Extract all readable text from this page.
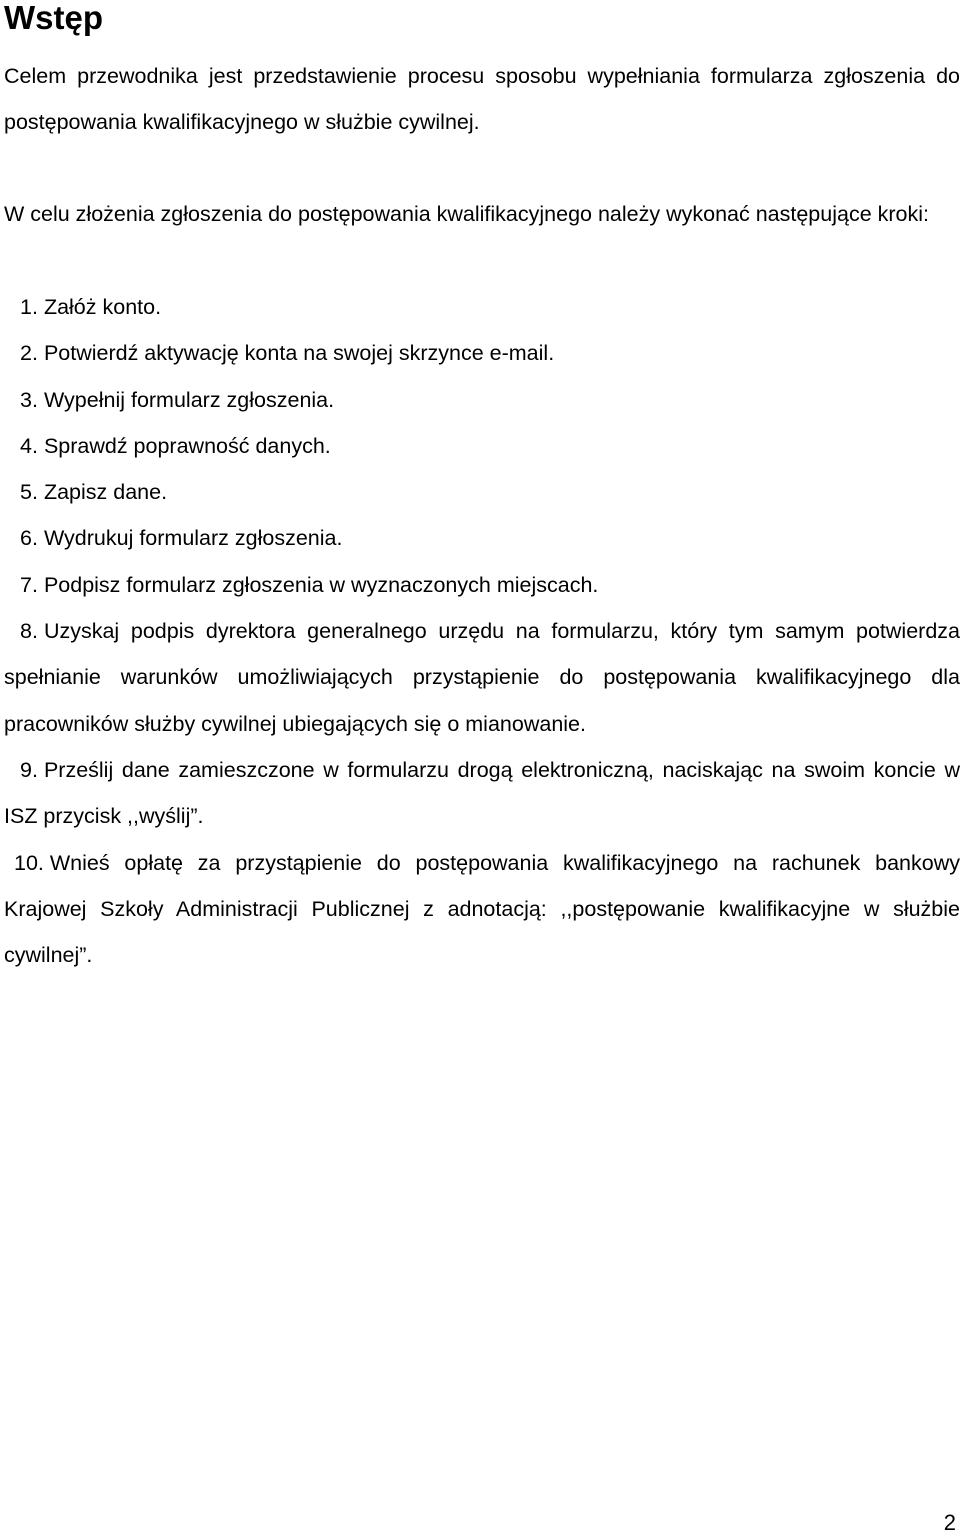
Wstęp

Celem przewodnika jest przedstawienie procesu sposobu wypełniania formularza zgłoszenia do postępowania kwalifikacyjnego w służbie cywilnej.

W celu złożenia zgłoszenia do postępowania kwalifikacyjnego należy wykonać następujące kroki:

1. Załóż konto.
2. Potwierdź aktywację konta na swojej skrzynce e-mail.
3. Wypełnij formularz zgłoszenia.
4. Sprawdź poprawność danych.
5. Zapisz dane.
6. Wydrukuj formularz zgłoszenia.
7. Podpisz formularz zgłoszenia w wyznaczonych miejscach.
8. Uzyskaj podpis dyrektora generalnego urzędu na formularzu, który tym samym potwierdza spełnianie warunków umożliwiających przystąpienie do postępowania kwalifikacyjnego dla pracowników służby cywilnej ubiegających się o mianowanie.
9. Prześlij dane zamieszczone w formularzu drogą elektroniczną, naciskając na swoim koncie w ISZ przycisk ,,wyślij”.
10. Wnieś opłatę za przystąpienie do postępowania kwalifikacyjnego na rachunek bankowy Krajowej Szkoły Administracji Publicznej z adnotacją: ,,postępowanie kwalifikacyjne w służbie cywilnej”.
2
